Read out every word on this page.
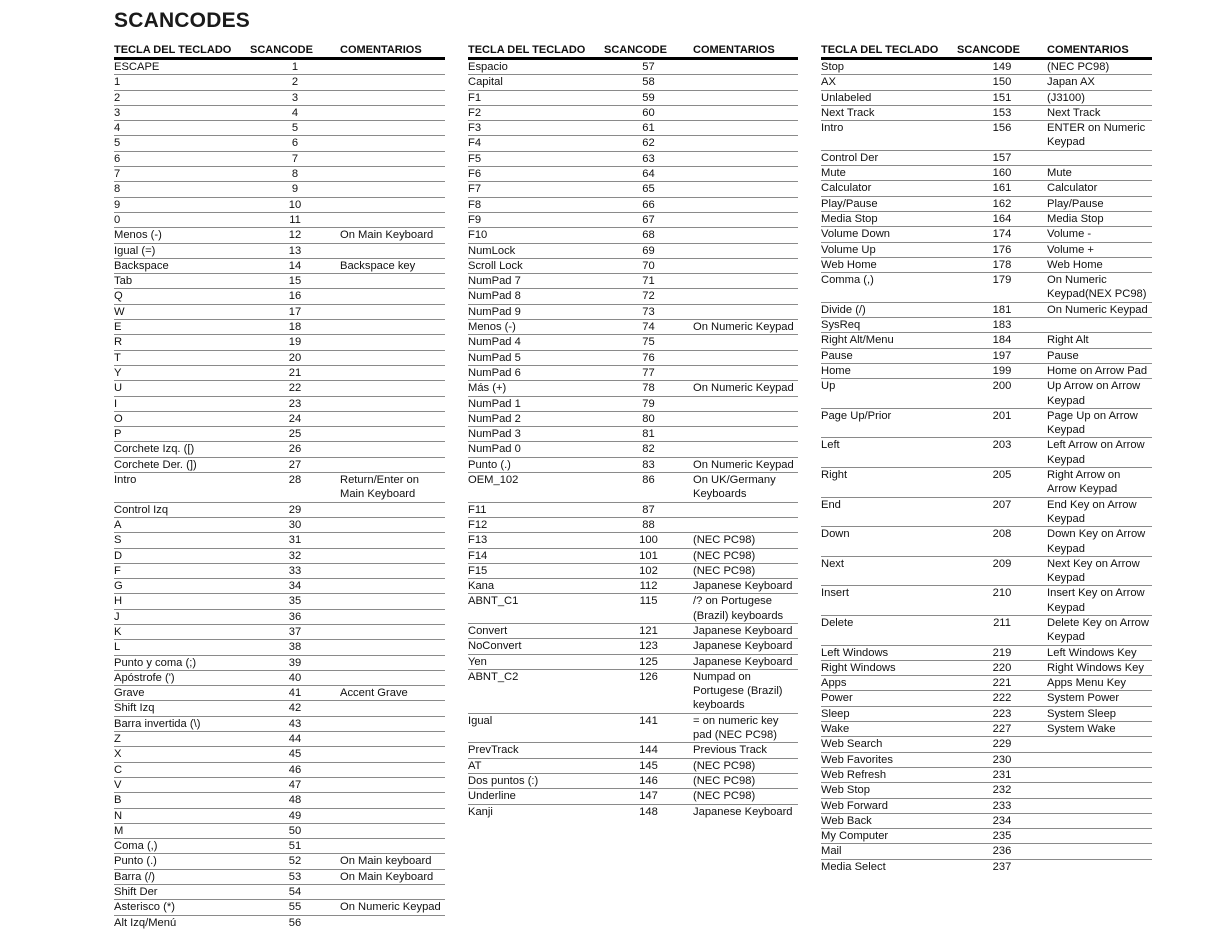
SCANCODES
TECLA DEL TECLADO	SCANCODE	COMENTARIOS
ESCAPE	1
1	2
2	3
3	4
4	5
5	6
6	7
7	8
8	9
9	10
0	11
Menos (-)	12	On Main Keyboard
Igual (=)	13
Backspace	14	Backspace key
Tab	15
Q	16
W	17
E	18
R	19
T	20
Y	21
U	22
I	23
O	24
P	25
Corchete Izq. ([)	26
Corchete Der. (])	27
Intro	28	Return/Enter on Main Keyboard
Control Izq	29
A	30
S	31
D	32
F	33
G	34
H	35
J	36
K	37
L	38
Punto y coma (;)	39
Apóstrofe (')	40
Grave	41	Accent Grave
Shift Izq	42
Barra invertida (\)	43
Z	44
X	45
C	46
V	47
B	48
N	49
M	50
Coma (,)	51
Punto (.)	52	On Main keyboard
Barra (/)	53	On Main Keyboard
Shift Der	54
Asterisco (*)	55	On Numeric Keypad
Alt Izq/Menú	56
TECLA DEL TECLADO	SCANCODE	COMENTARIOS
Espacio	57
Capital	58
F1	59
F2	60
F3	61
F4	62
F5	63
F6	64
F7	65
F8	66
F9	67
F10	68
NumLock	69
Scroll Lock	70
NumPad 7	71
NumPad 8	72
NumPad 9	73
Menos (-)	74	On Numeric Keypad
NumPad 4	75
NumPad 5	76
NumPad 6	77
Más (+)	78	On Numeric Keypad
NumPad 1	79
NumPad 2	80
NumPad 3	81
NumPad 0	82
Punto (.)	83	On Numeric Keypad
OEM_102	86	On UK/Germany Keyboards
F11	87
F12	88
F13	100	(NEC PC98)
F14	101	(NEC PC98)
F15	102	(NEC PC98)
Kana	112	Japanese Keyboard
ABNT_C1	115	/? on Portugese (Brazil) keyboards
Convert	121	Japanese Keyboard
NoConvert	123	Japanese Keyboard
Yen	125	Japanese Keyboard
ABNT_C2	126	Numpad on Portugese (Brazil) keyboards
Igual	141	= on numeric key pad (NEC PC98)
PrevTrack	144	Previous Track
AT	145	(NEC PC98)
Dos puntos (:)	146	(NEC PC98)
Underline	147	(NEC PC98)
Kanji	148	Japanese Keyboard
TECLA DEL TECLADO	SCANCODE	COMENTARIOS
Stop	149	(NEC PC98)
AX	150	Japan AX
Unlabeled	151	(J3100)
Next Track	153	Next Track
Intro	156	ENTER on Numeric Keypad
Control Der	157
Mute	160	Mute
Calculator	161	Calculator
Play/Pause	162	Play/Pause
Media Stop	164	Media Stop
Volume Down	174	Volume -
Volume Up	176	Volume +
Web Home	178	Web Home
Comma (,)	179	On Numeric Keypad(NEX PC98)
Divide (/)	181	On Numeric Keypad
SysReq	183
Right Alt/Menu	184	Right Alt
Pause	197	Pause
Home	199	Home on Arrow Pad
Up	200	Up Arrow on Arrow Keypad
Page Up/Prior	201	Page Up on Arrow Keypad
Left	203	Left Arrow on Arrow Keypad
Right	205	Right Arrow on Arrow Keypad
End	207	End Key on Arrow Keypad
Down	208	Down Key on Arrow Keypad
Next	209	Next Key on Arrow Keypad
Insert	210	Insert Key on Arrow Keypad
Delete	211	Delete Key on Arrow Keypad
Left Windows	219	Left Windows Key
Right Windows	220	Right Windows Key
Apps	221	Apps Menu Key
Power	222	System Power
Sleep	223	System Sleep
Wake	227	System Wake
Web Search	229
Web Favorites	230
Web Refresh	231
Web Stop	232
Web Forward	233
Web Back	234
My Computer	235
Mail	236
Media Select	237
